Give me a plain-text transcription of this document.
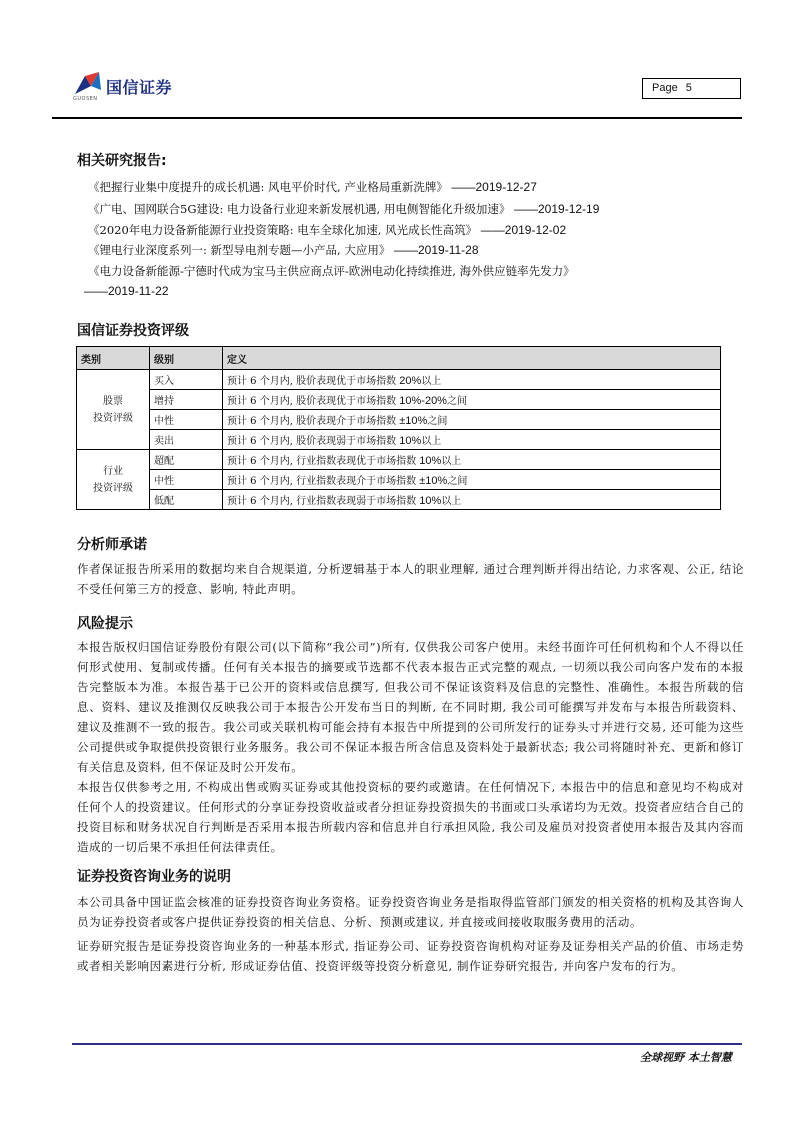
国信证券
GUOSEN
Page 5
相关研究报告:
《把握行业集中度提升的成长机遇: 风电平价时代, 产业格局重新洗牌》 ——2019-12-27
《广电、国网联合5G建设: 电力设备行业迎来新发展机遇, 用电侧智能化升级加速》 ——2019-12-19
《2020年电力设备新能源行业投资策略: 电车全球化加速, 风光成长性高筑》 ——2019-12-02
《锂电行业深度系列一: 新型导电剂专题—小产品, 大应用》 ——2019-11-28
《电力设备新能源-宁德时代成为宝马主供应商点评-欧洲电动化持续推进, 海外供应链率先发力》
——2019-11-22
国信证券投资评级
类别	级别	定义
股票
投资评级	买入	预计 6 个月内, 股价表现优于市场指数 20%以上
	增持	预计 6 个月内, 股价表现优于市场指数 10%-20%之间
	中性	预计 6 个月内, 股价表现介于市场指数 ±10%之间
	卖出	预计 6 个月内, 股价表现弱于市场指数 10%以上
行业
投资评级	超配	预计 6 个月内, 行业指数表现优于市场指数 10%以上
	中性	预计 6 个月内, 行业指数表现介于市场指数 ±10%之间
	低配	预计 6 个月内, 行业指数表现弱于市场指数 10%以上
分析师承诺
作者保证报告所采用的数据均来自合规渠道, 分析逻辑基于本人的职业理解, 通过合理判断并得出结论, 力求客观、公正, 结论不受任何第三方的授意、影响, 特此声明。
风险提示
本报告版权归国信证券股份有限公司(以下简称“我公司”)所有, 仅供我公司客户使用。未经书面许可任何机构和个人不得以任何形式使用、复制或传播。任何有关本报告的摘要或节选都不代表本报告正式完整的观点, 一切须以我公司向客户发布的本报告完整版本为准。本报告基于已公开的资料或信息撰写, 但我公司不保证该资料及信息的完整性、准确性。本报告所载的信息、资料、建议及推测仅反映我公司于本报告公开发布当日的判断, 在不同时期, 我公司可能撰写并发布与本报告所载资料、建议及推测不一致的报告。我公司或关联机构可能会持有本报告中所提到的公司所发行的证券头寸并进行交易, 还可能为这些公司提供或争取提供投资银行业务服务。我公司不保证本报告所含信息及资料处于最新状态; 我公司将随时补充、更新和修订有关信息及资料, 但不保证及时公开发布。
本报告仅供参考之用, 不构成出售或购买证券或其他投资标的要约或邀请。在任何情况下, 本报告中的信息和意见均不构成对任何个人的投资建议。任何形式的分享证券投资收益或者分担证券投资损失的书面或口头承诺均为无效。投资者应结合自己的投资目标和财务状况自行判断是否采用本报告所载内容和信息并自行承担风险, 我公司及雇员对投资者使用本报告及其内容而造成的一切后果不承担任何法律责任。
证券投资咨询业务的说明
本公司具备中国证监会核准的证券投资咨询业务资格。证券投资咨询业务是指取得监管部门颁发的相关资格的机构及其咨询人员为证券投资者或客户提供证券投资的相关信息、分析、预测或建议, 并直接或间接收取服务费用的活动。
证券研究报告是证券投资咨询业务的一种基本形式, 指证券公司、证券投资咨询机构对证券及证券相关产品的价值、市场走势或者相关影响因素进行分析, 形成证券估值、投资评级等投资分析意见, 制作证券研究报告, 并向客户发布的行为。
全球视野 本土智慧
